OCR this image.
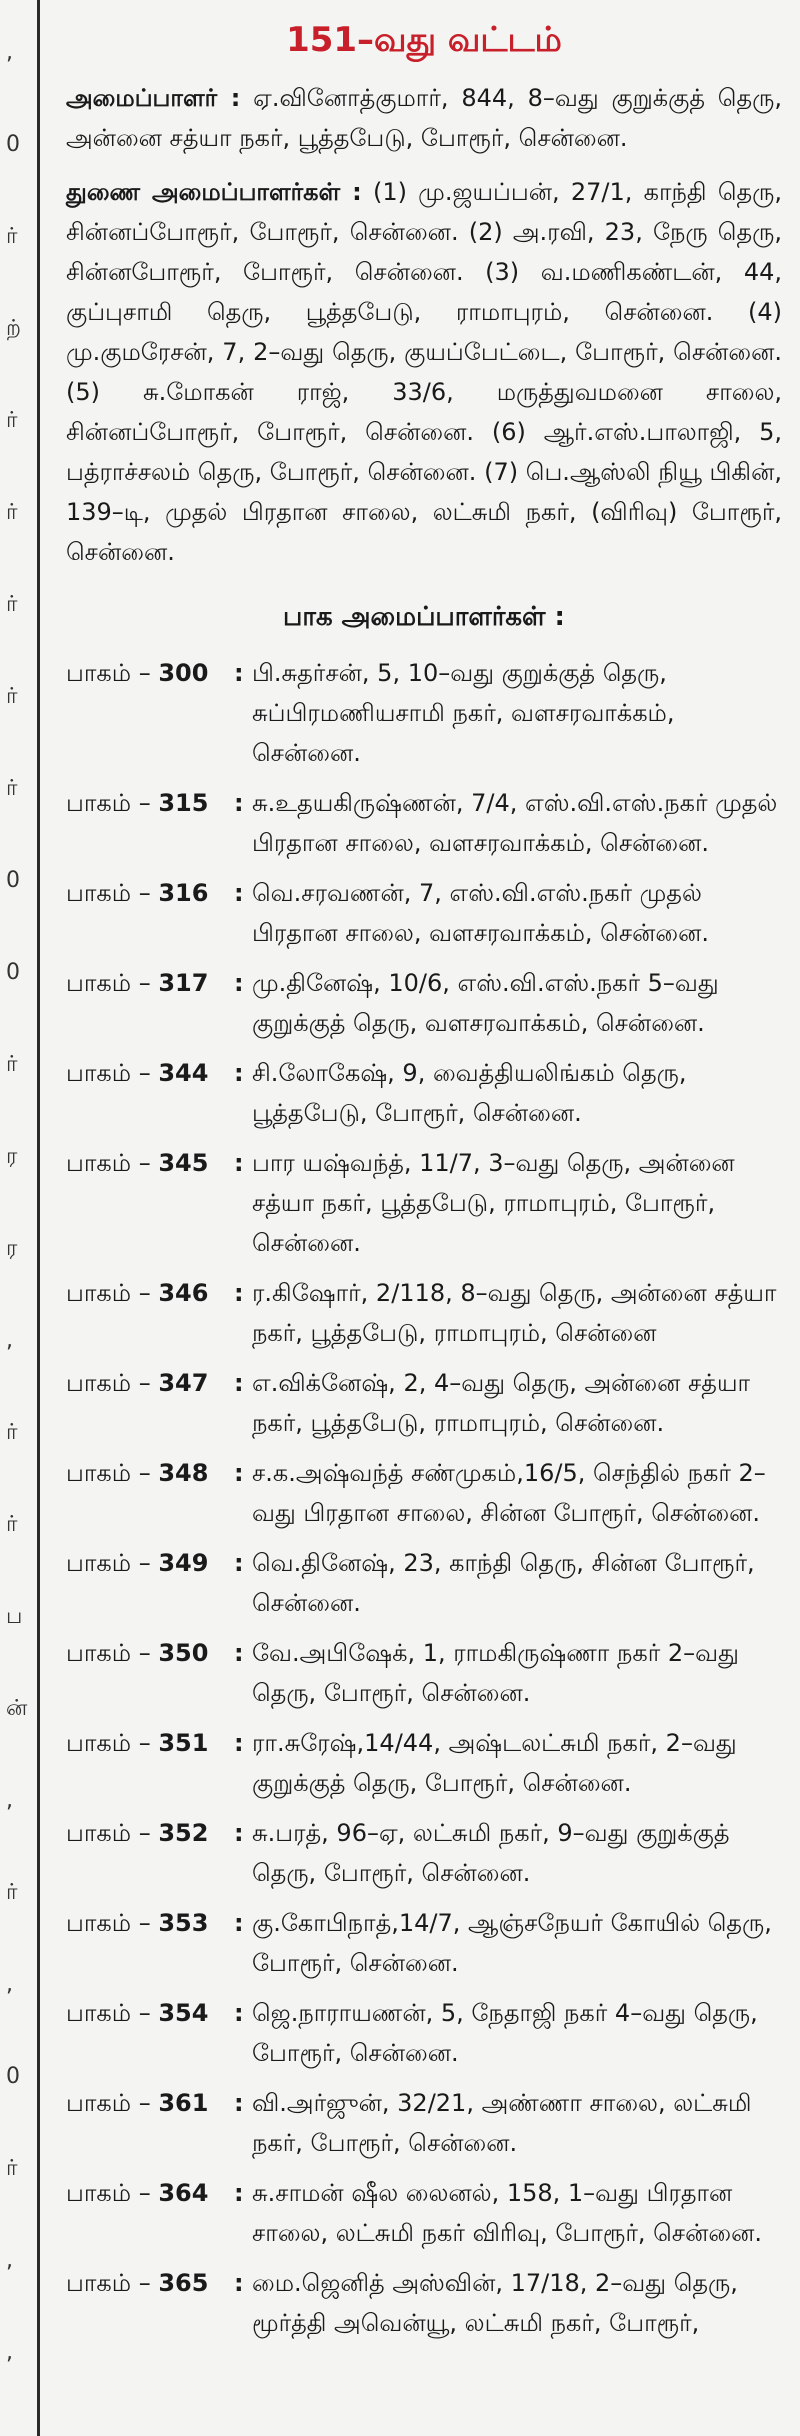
,
0
ர்
ற்
ர்
ர்
ர்
ர்
ர்
0
0
ர்
ர
ர
,
ர்
ர்
ப
ன்
,
ர்
,
0
ர்
,
,
151–வது வட்டம்

அமைப்பாளர் : ஏ.வினோத்குமார், 844, 8–வது குறுக்குத் தெரு, அன்னை சத்யா நகர், பூத்தபேடு, போரூர், சென்னை.

துணை அமைப்பாளர்கள் : (1) மு.ஜயப்பன், 27/1, காந்தி தெரு, சின்னப்போரூர், போரூர், சென்னை. (2) அ.ரவி, 23, நேரு தெரு, சின்னபோரூர், போரூர், சென்னை. (3) வ.மணிகண்டன், 44, குப்புசாமி தெரு, பூத்தபேடு, ராமாபுரம், சென்னை. (4) மு.குமரேசன், 7, 2–வது தெரு, குயப்பேட்டை, போரூர், சென்னை. (5) சு.மோகன் ராஜ், 33/6, மருத்துவமனை சாலை, சின்னப்போரூர், போரூர், சென்னை. (6) ஆர்.எஸ்.பாலாஜி, 5, பத்ராச்சலம் தெரு, போரூர், சென்னை. (7) பெ.ஆஸ்லி நியூ பிகின், 139–டி, முதல் பிரதான சாலை, லட்சுமி நகர், (விரிவு) போரூர், சென்னை.

பாக அமைப்பாளர்கள் :
பாகம் – 300	: பி.சுதர்சன், 5, 10–வது குறுக்குத் தெரு, சுப்பிரமணியசாமி நகர், வளசரவாக்கம், சென்னை.
பாகம் – 315	: சு.உதயகிருஷ்ணன், 7/4, எஸ்.வி.எஸ்.நகர் முதல் பிரதான சாலை, வளசரவாக்கம், சென்னை.
பாகம் – 316	: வெ.சரவணன், 7, எஸ்.வி.எஸ்.நகர் முதல் பிரதான சாலை, வளசரவாக்கம், சென்னை.
பாகம் – 317	: மு.தினேஷ், 10/6, எஸ்.வி.எஸ்.நகர் 5–வது குறுக்குத் தெரு, வளசரவாக்கம், சென்னை.
பாகம் – 344	: சி.லோகேஷ், 9, வைத்தியலிங்கம் தெரு, பூத்தபேடு, போரூர், சென்னை.
பாகம் – 345	: பார யஷ்வந்த், 11/7, 3–வது தெரு, அன்னை சத்யா நகர், பூத்தபேடு, ராமாபுரம், போரூர், சென்னை.
பாகம் – 346	: ர.கிஷோர், 2/118, 8–வது தெரு, அன்னை சத்யா நகர், பூத்தபேடு, ராமாபுரம், சென்னை
பாகம் – 347	: எ.விக்னேஷ், 2, 4–வது தெரு, அன்னை சத்யா நகர், பூத்தபேடு, ராமாபுரம், சென்னை.
பாகம் – 348	: ச.க.அஷ்வந்த் சண்முகம்,16/5, செந்தில் நகர் 2–வது பிரதான சாலை, சின்ன போரூர், சென்னை.
பாகம் – 349	: வெ.தினேஷ், 23, காந்தி தெரு, சின்ன போரூர், சென்னை.
பாகம் – 350	: வே.அபிஷேக், 1, ராமகிருஷ்ணா நகர் 2–வது தெரு, போரூர், சென்னை.
பாகம் – 351	: ரா.சுரேஷ்,14/44, அஷ்டலட்சுமி நகர், 2–வது குறுக்குத் தெரு, போரூர், சென்னை.
பாகம் – 352	: சு.பரத், 96–ஏ, லட்சுமி நகர், 9–வது குறுக்குத் தெரு, போரூர், சென்னை.
பாகம் – 353	: கு.கோபிநாத்,14/7, ஆஞ்சநேயர் கோயில் தெரு, போரூர், சென்னை.
பாகம் – 354	: ஜெ.நாராயணன், 5, நேதாஜி நகர் 4–வது தெரு, போரூர், சென்னை.
பாகம் – 361	: வி.அர்ஜுன், 32/21, அண்ணா சாலை, லட்சுமி நகர், போரூர், சென்னை.
பாகம் – 364	: சு.சாமன் ஷீல லைனல், 158, 1–வது பிரதான சாலை, லட்சுமி நகர் விரிவு, போரூர், சென்னை.
பாகம் – 365	: மை.ஜெனித் அஸ்வின், 17/18, 2–வது தெரு, மூர்த்தி அவென்யூ, லட்சுமி நகர், போரூர்,
